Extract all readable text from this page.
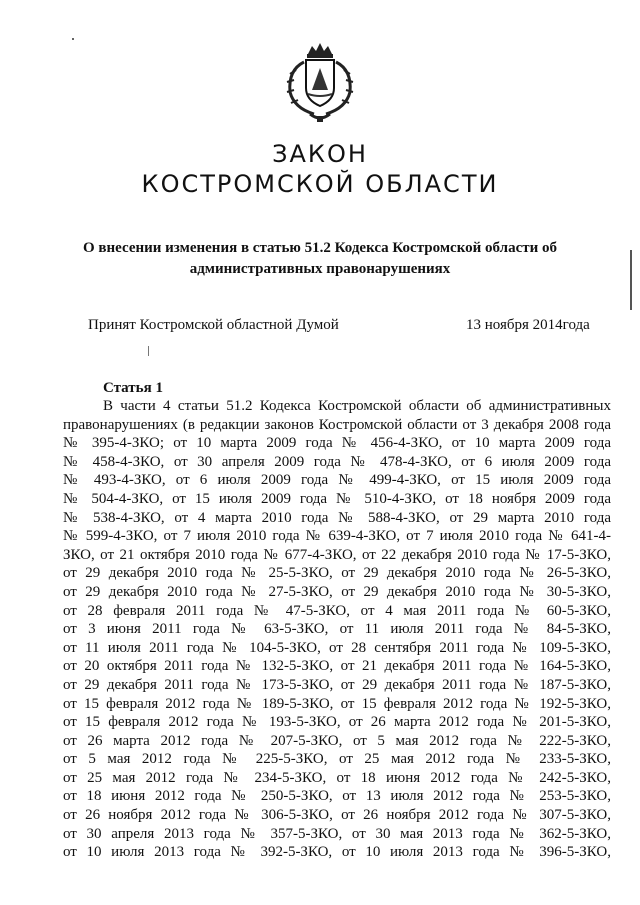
ЗАКОН
КОСТРОМСКОЙ ОБЛАСТИ
О внесении изменения в статью 51.2 Кодекса Костромской области об
административных правонарушениях
Принят Костромской областной Думой	13 ноября 2014года
Статья 1
В части 4 статьи 51.2 Кодекса Костромской области об административных
правонарушениях (в редакции законов Костромской области от 3 декабря 2008 года
№ 395-4-ЗКО; от 10 марта 2009 года № 456-4-ЗКО, от 10 марта 2009 года
№ 458-4-ЗКО, от 30 апреля 2009 года № 478-4-ЗКО, от 6 июля 2009 года
№ 493-4-ЗКО, от 6 июля 2009 года № 499-4-ЗКО, от 15 июля 2009 года
№ 504-4-ЗКО, от 15 июля 2009 года № 510-4-ЗКО, от 18 ноября 2009 года
№ 538-4-ЗКО, от 4 марта 2010 года № 588-4-ЗКО, от 29 марта 2010 года
№ 599-4-ЗКО, от 7 июля 2010 года № 639-4-ЗКО, от 7 июля 2010 года № 641-4-
ЗКО, от 21 октября 2010 года № 677-4-ЗКО, от 22 декабря 2010 года № 17-5-ЗКО,
от 29 декабря 2010 года № 25-5-ЗКО, от 29 декабря 2010 года № 26-5-ЗКО,
от 29 декабря 2010 года № 27-5-ЗКО, от 29 декабря 2010 года № 30-5-ЗКО,
от 28 февраля 2011 года № 47-5-ЗКО, от 4 мая 2011 года № 60-5-ЗКО,
от 3 июня 2011 года № 63-5-ЗКО, от 11 июля 2011 года № 84-5-ЗКО,
от 11 июля 2011 года № 104-5-ЗКО, от 28 сентября 2011 года № 109-5-ЗКО,
от 20 октября 2011 года № 132-5-ЗКО, от 21 декабря 2011 года № 164-5-ЗКО,
от 29 декабря 2011 года № 173-5-ЗКО, от 29 декабря 2011 года № 187-5-ЗКО,
от 15 февраля 2012 года № 189-5-ЗКО, от 15 февраля 2012 года № 192-5-ЗКО,
от 15 февраля 2012 года № 193-5-ЗКО, от 26 марта 2012 года № 201-5-ЗКО,
от 26 марта 2012 года № 207-5-ЗКО, от 5 мая 2012 года № 222-5-ЗКО,
от 5 мая 2012 года № 225-5-ЗКО, от 25 мая 2012 года № 233-5-ЗКО,
от 25 мая 2012 года № 234-5-ЗКО, от 18 июня 2012 года № 242-5-ЗКО,
от 18 июня 2012 года № 250-5-ЗКО, от 13 июля 2012 года № 253-5-ЗКО,
от 26 ноября 2012 года № 306-5-ЗКО, от 26 ноября 2012 года № 307-5-ЗКО,
от 30 апреля 2013 года № 357-5-ЗКО, от 30 мая 2013 года № 362-5-ЗКО,
от 10 июля 2013 года № 392-5-ЗКО, от 10 июля 2013 года № 396-5-ЗКО,
